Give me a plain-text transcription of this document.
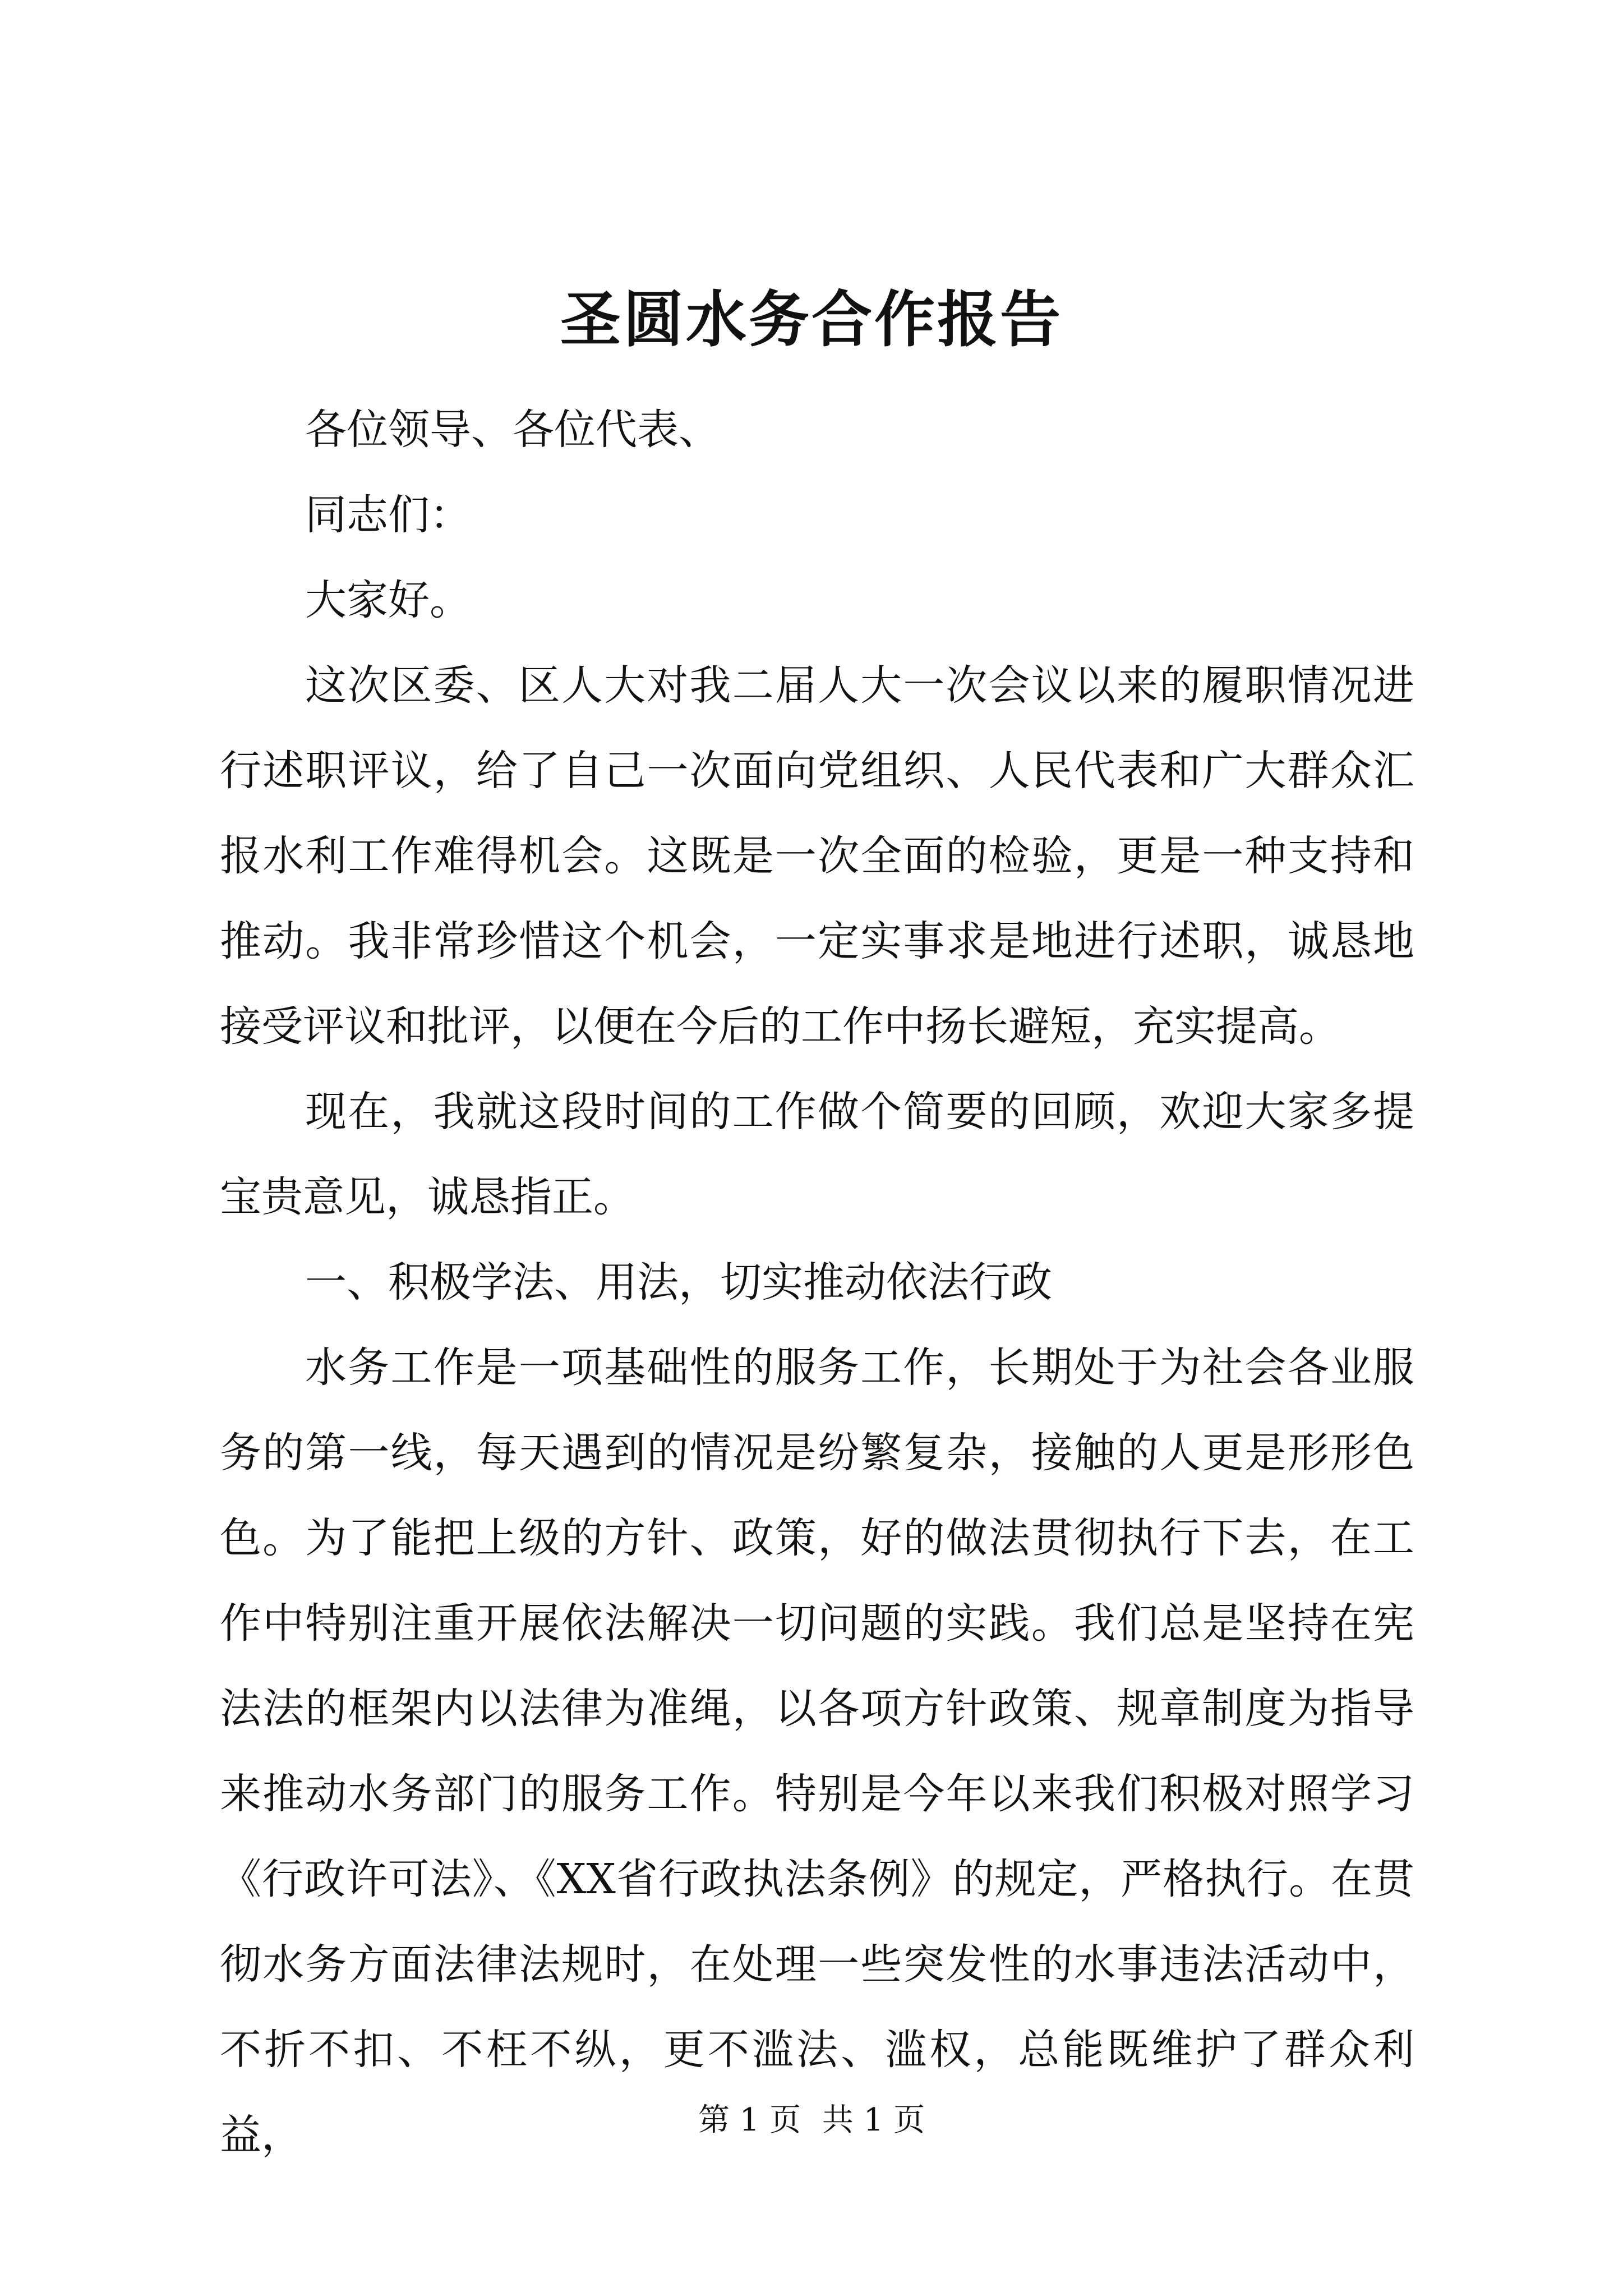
圣圆水务合作报告

各位领导、各位代表、

同志们：

大家好。

这次区委、区人大对我二届人大一次会议以来的履职情况进行述职评议，给了自己一次面向党组织、人民代表和广大群众汇报水利工作难得机会。这既是一次全面的检验，更是一种支持和推动。我非常珍惜这个机会，一定实事求是地进行述职，诚恳地接受评议和批评，以便在今后的工作中扬长避短，充实提高。

现在，我就这段时间的工作做个简要的回顾，欢迎大家多提宝贵意见，诚恳指正。

一、积极学法、用法，切实推动依法行政

水务工作是一项基础性的服务工作，长期处于为社会各业服务的第一线，每天遇到的情况是纷繁复杂，接触的人更是形形色色。为了能把上级的方针、政策，好的做法贯彻执行下去，在工作中特别注重开展依法解决一切问题的实践。我们总是坚持在宪法法的框架内以法律为准绳，以各项方针政策、规章制度为指导来推动水务部门的服务工作。特别是今年以来我们积极对照学习《行政许可法》、《XX省行政执法条例》的规定，严格执行。在贯彻水务方面法律法规时，在处理一些突发性的水事违法活动中，不折不扣、不枉不纵，更不滥法、滥权，总能既维护了群众利益，	第 1 页 共 1 页
